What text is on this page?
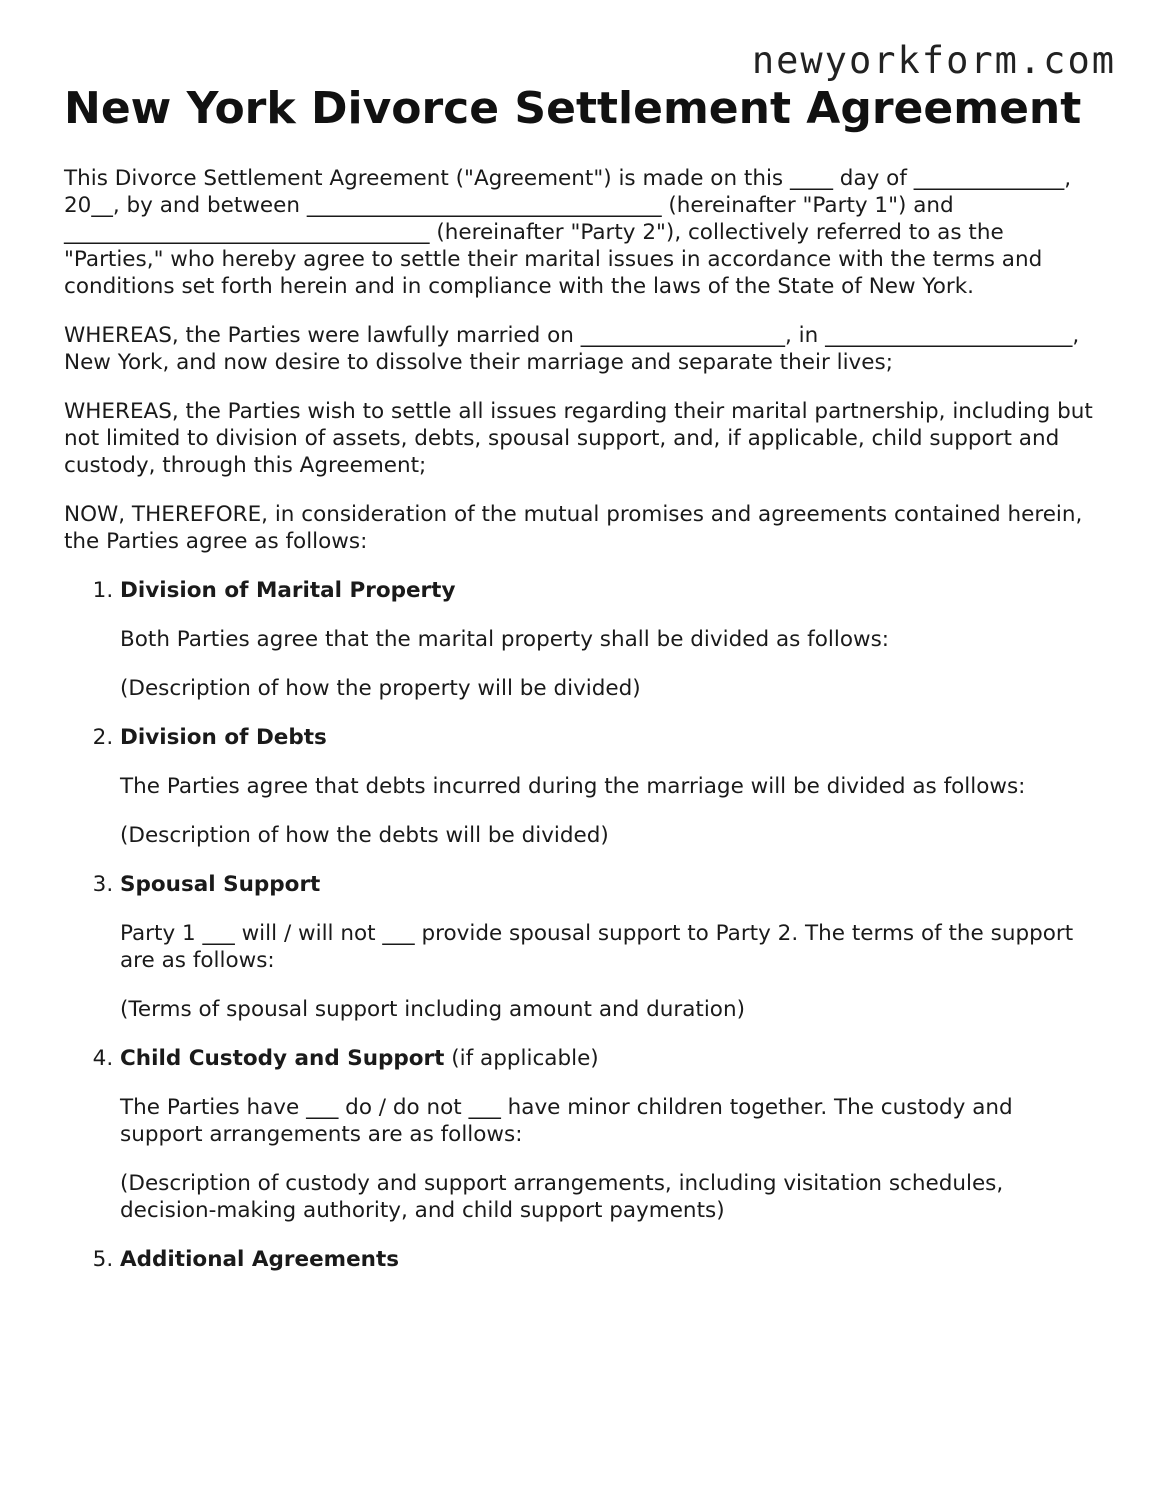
newyorkform.com
New York Divorce Settlement Agreement

This Divorce Settlement Agreement ("Agreement") is made on this ____ day of ______________, 20__, by and between _________________________________ (hereinafter "Party 1") and __________________________________ (hereinafter "Party 2"), collectively referred to as the "Parties," who hereby agree to settle their marital issues in accordance with the terms and conditions set forth herein and in compliance with the laws of the State of New York.

WHEREAS, the Parties were lawfully married on ___________________, in _______________________, New York, and now desire to dissolve their marriage and separate their lives;

WHEREAS, the Parties wish to settle all issues regarding their marital partnership, including but not limited to division of assets, debts, spousal support, and, if applicable, child support and custody, through this Agreement;

NOW, THEREFORE, in consideration of the mutual promises and agreements contained herein, the Parties agree as follows:

1. Division of Marital Property

Both Parties agree that the marital property shall be divided as follows:

(Description of how the property will be divided)

2. Division of Debts

The Parties agree that debts incurred during the marriage will be divided as follows:

(Description of how the debts will be divided)

3. Spousal Support

Party 1 ___ will / will not ___ provide spousal support to Party 2. The terms of the support are as follows:

(Terms of spousal support including amount and duration)

4. Child Custody and Support (if applicable)

The Parties have ___ do / do not ___ have minor children together. The custody and support arrangements are as follows:

(Description of custody and support arrangements, including visitation schedules, decision-making authority, and child support payments)

5. Additional Agreements
